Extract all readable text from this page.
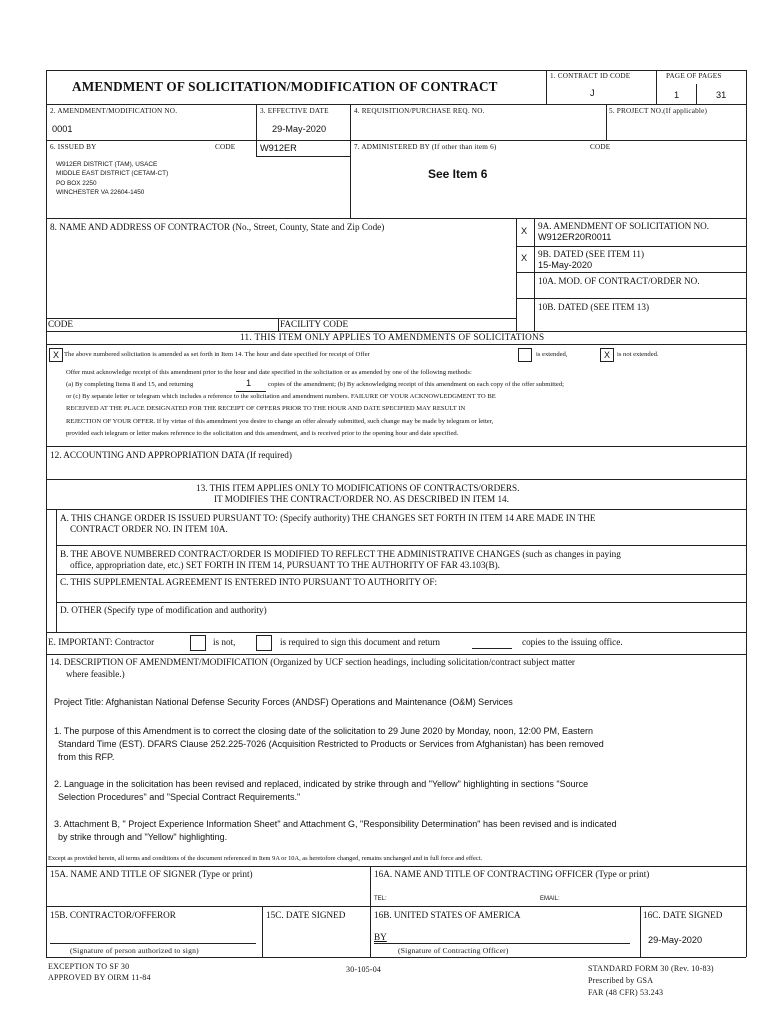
AMENDMENT OF SOLICITATION/MODIFICATION OF CONTRACT
1. CONTRACT ID CODE
J
PAGE OF PAGES
1	31
2. AMENDMENT/MODIFICATION NO.
0001
3. EFFECTIVE DATE
29-May-2020
4. REQUISITION/PURCHASE REQ. NO.	5. PROJECT NO.(If applicable)
6. ISSUED BY	CODE	W912ER
W912ER DISTRICT (TAM), USACE
MIDDLE EAST DISTRICT (CETAM-CT)
PO BOX 2250
WINCHESTER VA 22604-1450
7. ADMINISTERED BY (If other than item 6)	CODE
See Item 6
8. NAME AND ADDRESS OF CONTRACTOR (No., Street, County, State and Zip Code)	X 9A. AMENDMENT OF SOLICITATION NO.
W912ER20R0011
X 9B. DATED (SEE ITEM 11)
15-May-2020
10A. MOD. OF CONTRACT/ORDER NO.
10B. DATED (SEE ITEM 13)
CODE	FACILITY CODE
11. THIS ITEM ONLY APPLIES TO AMENDMENTS OF SOLICITATIONS
X The above numbered solicitation is amended as set forth in Item 14. The hour and date specified for receipt of Offer	is extended,	X	is not extended.
Offer must acknowledge receipt of this amendment prior to the hour and date specified in the solicitation or as amended by one of the following methods:
(a) By completing Items 8 and 15, and returning	1	copies of the amendment; (b) By acknowledging receipt of this amendment on each copy of the offer submitted;
or (c) By separate letter or telegram which includes a reference to the solicitation and amendment numbers. FAILURE OF YOUR ACKNOWLEDGMENT TO BE
RECEIVED AT THE PLACE DESIGNATED FOR THE RECEIPT OF OFFERS PRIOR TO THE HOUR AND DATE SPECIFIED MAY RESULT IN
REJECTION OF YOUR OFFER. If by virtue of this amendment you desire to change an offer already submitted, such change may be made by telegram or letter,
provided each telegram or letter makes reference to the solicitation and this amendment, and is received prior to the opening hour and date specified.
12. ACCOUNTING AND APPROPRIATION DATA (If required)
13. THIS ITEM APPLIES ONLY TO MODIFICATIONS OF CONTRACTS/ORDERS.
IT MODIFIES THE CONTRACT/ORDER NO. AS DESCRIBED IN ITEM 14.
A. THIS CHANGE ORDER IS ISSUED PURSUANT TO: (Specify authority) THE CHANGES SET FORTH IN ITEM 14 ARE MADE IN THE
CONTRACT ORDER NO. IN ITEM 10A.
B. THE ABOVE NUMBERED CONTRACT/ORDER IS MODIFIED TO REFLECT THE ADMINISTRATIVE CHANGES (such as changes in paying
office, appropriation date, etc.) SET FORTH IN ITEM 14, PURSUANT TO THE AUTHORITY OF FAR 43.103(B).
C. THIS SUPPLEMENTAL AGREEMENT IS ENTERED INTO PURSUANT TO AUTHORITY OF:
D. OTHER (Specify type of modification and authority)
E. IMPORTANT: Contractor	is not,	is required to sign this document and return	copies to the issuing office.
14. DESCRIPTION OF AMENDMENT/MODIFICATION (Organized by UCF section headings, including solicitation/contract subject matter
where feasible.)
Project Title: Afghanistan National Defense Security Forces (ANDSF) Operations and Maintenance (O&M) Services
1. The purpose of this Amendment is to correct the closing date of the solicitation to 29 June 2020 by Monday, noon, 12:00 PM, Eastern
Standard Time (EST). DFARS Clause 252.225-7026 (Acquisition Restricted to Products or Services from Afghanistan) has been removed
from this RFP.
2. Language in the solicitation has been revised and replaced, indicated by strike through and "Yellow" highlighting in sections "Source
Selection Procedures" and "Special Contract Requirements."
3. Attachment B, " Project Experience Information Sheet" and Attachment G, "Responsibility Determination" has been revised and is indicated
by strike through and "Yellow" highlighting.
Except as provided herein, all terms and conditions of the document referenced in Item 9A or 10A, as heretofore changed, remains unchanged and in full force and effect.
15A. NAME AND TITLE OF SIGNER (Type or print)	16A. NAME AND TITLE OF CONTRACTING OFFICER (Type or print)
TEL:	EMAIL:
15B. CONTRACTOR/OFFEROR
(Signature of person authorized to sign)
15C. DATE SIGNED	16B. UNITED STATES OF AMERICA
BY
(Signature of Contracting Officer)
16C. DATE SIGNED
29-May-2020
EXCEPTION TO SF 30
APPROVED BY OIRM 11-84
30-105-04	STANDARD FORM 30 (Rev. 10-83)
Prescribed by GSA
FAR (48 CFR) 53.243
